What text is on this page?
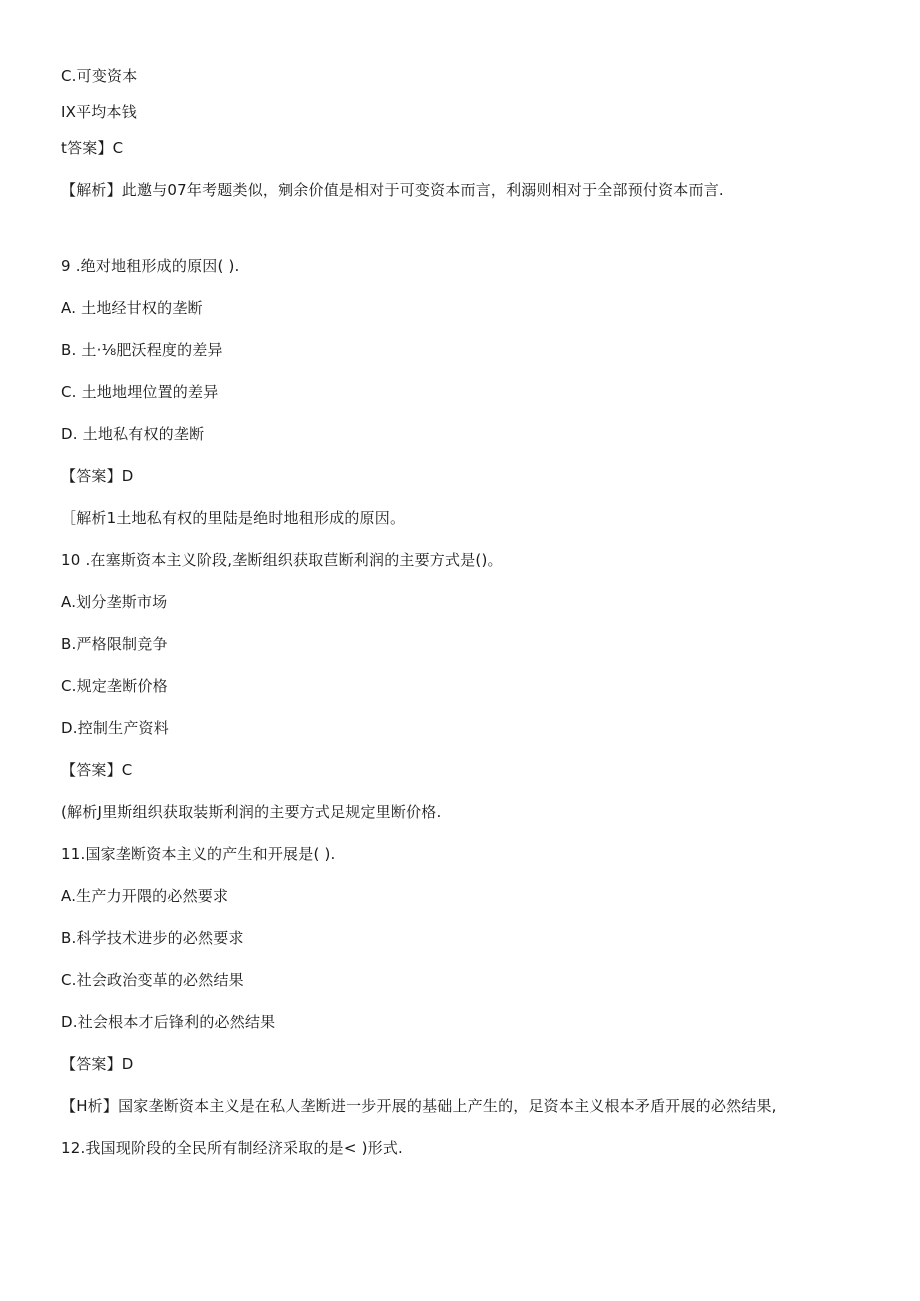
C.可变资本
IX平均本钱
t答案】C
【解析】此邀与07年考题类似，剜余价值是相对于可变资本而言，利溺则相对于全部预付资本而言.
9 .绝对地租形成的原因( ).
A. 土地经甘权的垄断
B. 土·⅛肥沃程度的差异
C. 土地地埋位置的差异
D. 土地私有权的垄断
【答案】D
［解析1土地私有权的里陆是绝时地租形成的原因。
10 .在塞斯资本主义阶段,垄断组织获取苣断利润的主要方式是()。
A.划分垄斯市场
B.严格限制竞争
C.规定垄断价格
D.控制生产资料
【答案】C
(解析J里斯组织获取装斯利润的主要方式足规定里断价格.
11.国家垄断资本主义的产生和开展是( ).
A.生产力开隈的必然要求
B.科学技术进步的必然要求
C.社会政治变革的必然结果
D.社会根本才后锋利的必然结果
【答案】D
【H析】国家垄断资本主义是在私人垄断进一步开展的基础上产生的，足资本主义根本矛盾开展的必然结果,
12.我国现阶段的全民所有制经济采取的是< )形式.
